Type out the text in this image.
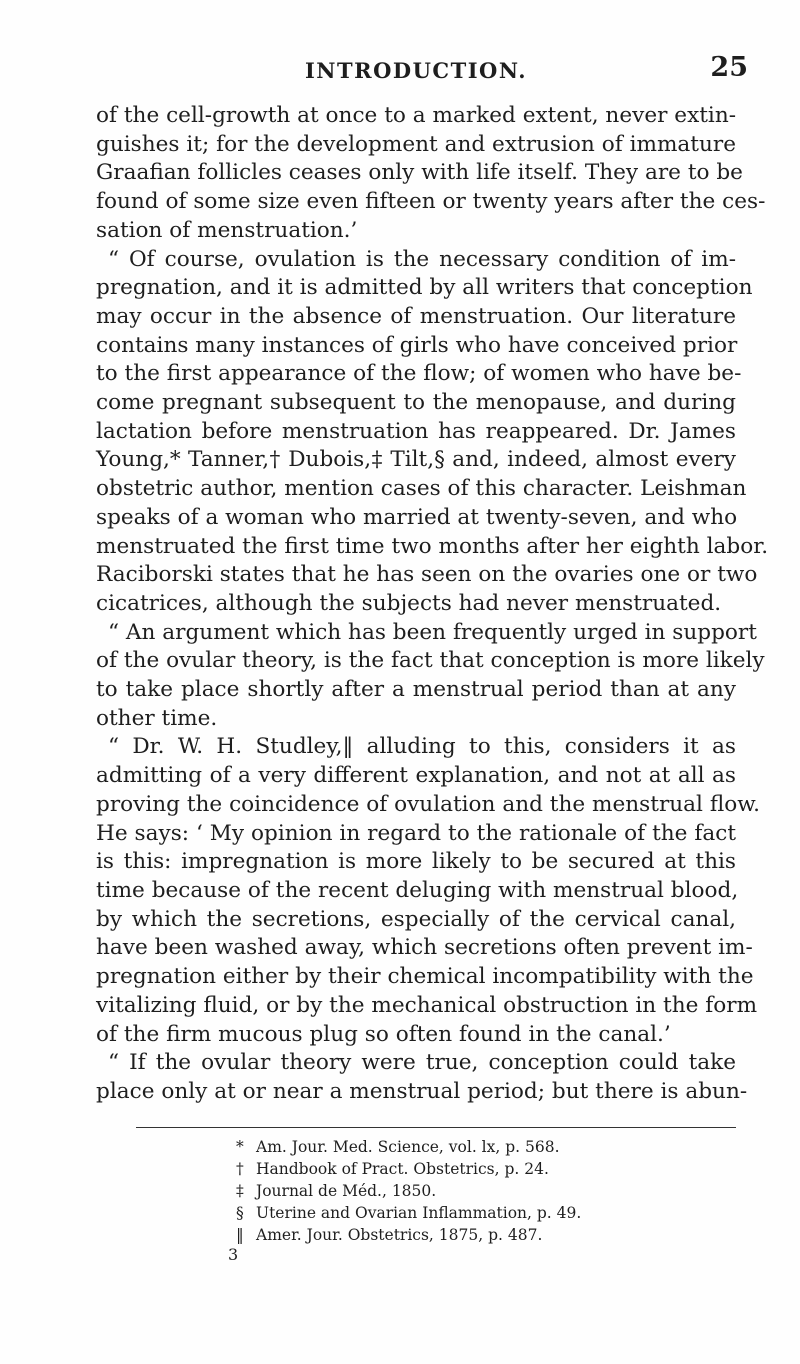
INTRODUCTION.	25
of the cell-growth at once to a marked extent, never extin-
guishes it; for the development and extrusion of immature
Graafian follicles ceases only with life itself. They are to be
found of some size even fifteen or twenty years after the ces-
sation of menstruation.’
“ Of course, ovulation is the necessary condition of im-
pregnation, and it is admitted by all writers that conception
may occur in the absence of menstruation. Our literature
contains many instances of girls who have conceived prior
to the first appearance of the flow; of women who have be-
come pregnant subsequent to the menopause, and during
lactation before menstruation has reappeared. Dr. James
Young,* Tanner,† Dubois,‡ Tilt,§ and, indeed, almost every
obstetric author, mention cases of this character. Leishman
speaks of a woman who married at twenty-seven, and who
menstruated the first time two months after her eighth labor.
Raciborski states that he has seen on the ovaries one or two
cicatrices, although the subjects had never menstruated.
“ An argument which has been frequently urged in support
of the ovular theory, is the fact that conception is more likely
to take place shortly after a menstrual period than at any
other time.
“ Dr. W. H. Studley,‖ alluding to this, considers it as
admitting of a very different explanation, and not at all as
proving the coincidence of ovulation and the menstrual flow.
He says: ‘ My opinion in regard to the rationale of the fact
is this: impregnation is more likely to be secured at this
time because of the recent deluging with menstrual blood,
by which the secretions, especially of the cervical canal,
have been washed away, which secretions often prevent im-
pregnation either by their chemical incompatibility with the
vitalizing fluid, or by the mechanical obstruction in the form
of the firm mucous plug so often found in the canal.’
“ If the ovular theory were true, conception could take
place only at or near a menstrual period; but there is abun-
* Am. Jour. Med. Science, vol. lx, p. 568.
† Handbook of Pract. Obstetrics, p. 24.
‡ Journal de Méd., 1850.
§ Uterine and Ovarian Inflammation, p. 49.
‖ Amer. Jour. Obstetrics, 1875, p. 487.
3
